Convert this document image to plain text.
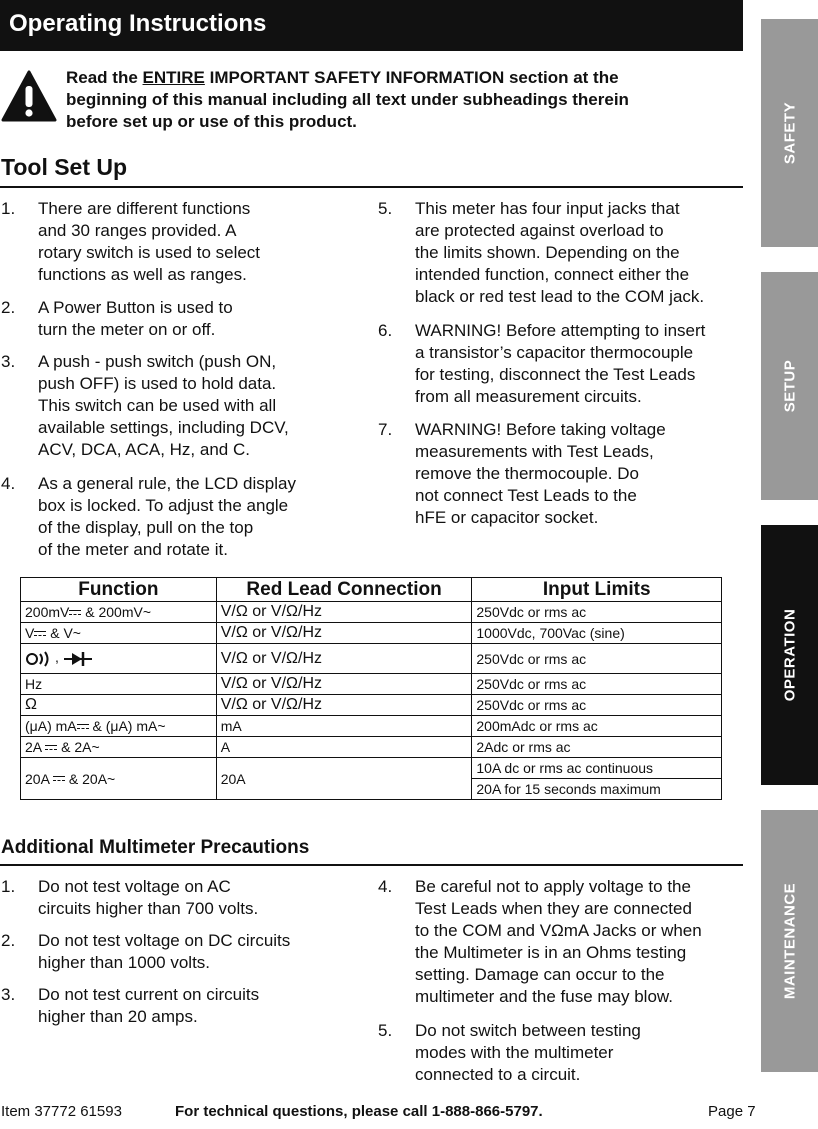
Operating Instructions
Read the ENTIRE IMPORTANT SAFETY INFORMATION section at the beginning of this manual including all text under subheadings therein before set up or use of this product.
Tool Set Up
1. There are different functions
and 30 ranges provided. A
rotary switch is used to select
functions as well as ranges.
2. A Power Button is used to
turn the meter on or off.
3. A push - push switch (push ON,
push OFF) is used to hold data.
This switch can be used with all
available settings, including DCV,
ACV, DCA, ACA, Hz, and C.
4. As a general rule, the LCD display
box is locked. To adjust the angle
of the display, pull on the top
of the meter and rotate it.
5. This meter has four input jacks that
are protected against overload to
the limits shown. Depending on the
intended function, connect either the
black or red test lead to the COM jack.
6. WARNING! Before attempting to insert
a transistor’s capacitor thermocouple
for testing, disconnect the Test Leads
from all measurement circuits.
7. WARNING! Before taking voltage
measurements with Test Leads,
remove the thermocouple. Do
not connect Test Leads to the
hFE or capacitor socket.
Function	Red Lead Connection	Input Limits
200mV & 200mV~	V/Ω or V/Ω/Hz	250Vdc or rms ac
V & V~	V/Ω or V/Ω/Hz	1000Vdc, 700Vac (sine)
,	V/Ω or V/Ω/Hz	250Vdc or rms ac
Hz	V/Ω or V/Ω/Hz	250Vdc or rms ac
Ω	V/Ω or V/Ω/Hz	250Vdc or rms ac
(μA) mA & (μA) mA~	mA	200mAdc or rms ac
2A  & 2A~	A	2Adc or rms ac
20A  & 20A~	20A	10A dc or rms ac continuous
		20A for 15 seconds maximum
Additional Multimeter Precautions
1. Do not test voltage on AC
circuits higher than 700 volts.
2. Do not test voltage on DC circuits
higher than 1000 volts.
3. Do not test current on circuits
higher than 20 amps.
4. Be careful not to apply voltage to the
Test Leads when they are connected
to the COM and VΩmA Jacks or when
the Multimeter is in an Ohms testing
setting. Damage can occur to the
multimeter and the fuse may blow.
5. Do not switch between testing
modes with the multimeter
connected to a circuit.
SAFETY
SETUP
OPERATION
MAINTENANCE
Item 37772 61593	For technical questions, please call 1-888-866-5797.	Page 7
